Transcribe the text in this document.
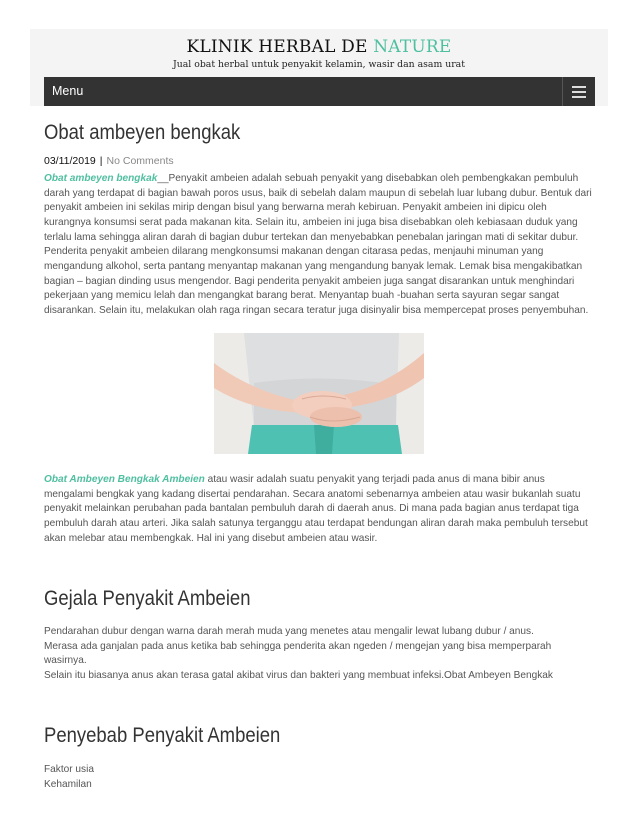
KLINIK HERBAL DE NATURE
Jual obat herbal untuk penyakit kelamin, wasir dan asam urat
Menu
Obat ambeyen bengkak
03/11/2019 | No Comments

Obat ambeyen bengkak__Penyakit ambeien adalah sebuah penyakit yang disebabkan oleh pembengkakan pembuluh darah yang terdapat di bagian bawah poros usus, baik di sebelah dalam maupun di sebelah luar lubang dubur. Bentuk dari penyakit ambeien ini sekilas mirip dengan bisul yang berwarna merah kebiruan. Penyakit ambeien ini dipicu oleh kurangnya konsumsi serat pada makanan kita. Selain itu, ambeien ini juga bisa disebabkan oleh kebiasaan duduk yang terlalu lama sehingga aliran darah di bagian dubur tertekan dan menyebabkan penebalan jaringan mati di sekitar dubur. Penderita penyakit ambeien dilarang mengkonsumsi makanan dengan citarasa pedas, menjauhi minuman yang mengandung alkohol, serta pantang menyantap makanan yang mengandung banyak lemak. Lemak bisa mengakibatkan bagian – bagian dinding usus mengendor. Bagi penderita penyakit ambeien juga sangat disarankan untuk menghindari pekerjaan yang memicu lelah dan mengangkat barang berat. Menyantap buah -buahan serta sayuran segar sangat disarankan. Selain itu, melakukan olah raga ringan secara teratur juga disinyalir bisa mempercepat proses penyembuhan.

Obat Ambeyen Bengkak Ambeien atau wasir adalah suatu penyakit yang terjadi pada anus di mana bibir anus mengalami bengkak yang kadang disertai pendarahan. Secara anatomi sebenarnya ambeien atau wasir bukanlah suatu penyakit melainkan perubahan pada bantalan pembuluh darah di daerah anus. Di mana pada bagian anus terdapat tiga pembuluh darah atau arteri. Jika salah satunya terganggu atau terdapat bendungan aliran darah maka pembuluh tersebut akan melebar atau membengkak. Hal ini yang disebut ambeien atau wasir.

Gejala Penyakit Ambeien
Pendarahan dubur dengan warna darah merah muda yang menetes atau mengalir lewat lubang dubur / anus.
Merasa ada ganjalan pada anus ketika bab sehingga penderita akan ngeden / mengejan yang bisa memperparah wasirnya.
Selain itu biasanya anus akan terasa gatal akibat virus dan bakteri yang membuat infeksi.Obat Ambeyen Bengkak
Penyebab Penyakit Ambeien
Faktor usia
Kehamilan
